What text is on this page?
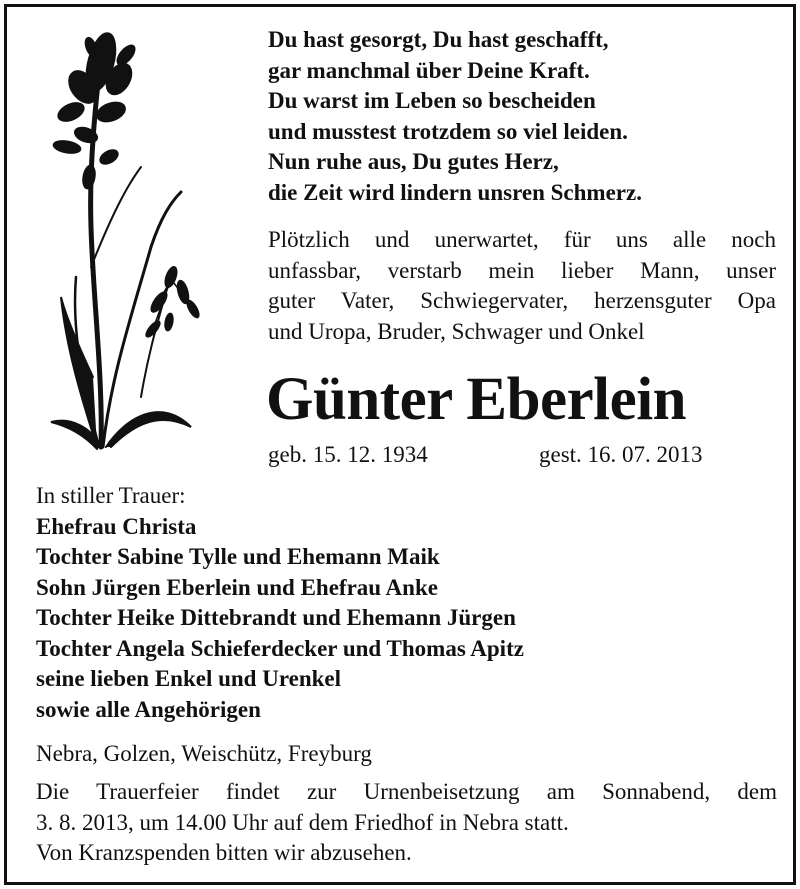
Du hast gesorgt, Du hast geschafft,
gar manchmal über Deine Kraft.
Du warst im Leben so bescheiden
und musstest trotzdem so viel leiden.
Nun ruhe aus, Du gutes Herz,
die Zeit wird lindern unsren Schmerz.
Plötzlich und unerwartet, für uns alle noch
unfassbar, verstarb mein lieber Mann, unser
guter Vater, Schwiegervater, herzensguter Opa
und Uropa, Bruder, Schwager und Onkel
Günter Eberlein
geb. 15. 12. 1934	gest. 16. 07. 2013
In stiller Trauer:
Ehefrau Christa
Tochter Sabine Tylle und Ehemann Maik
Sohn Jürgen Eberlein und Ehefrau Anke
Tochter Heike Dittebrandt und Ehemann Jürgen
Tochter Angela Schieferdecker und Thomas Apitz
seine lieben Enkel und Urenkel
sowie alle Angehörigen
Nebra, Golzen, Weischütz, Freyburg
Die Trauerfeier findet zur Urnenbeisetzung am Sonnabend, dem
3. 8. 2013, um 14.00 Uhr auf dem Friedhof in Nebra statt.
Von Kranzspenden bitten wir abzusehen.
